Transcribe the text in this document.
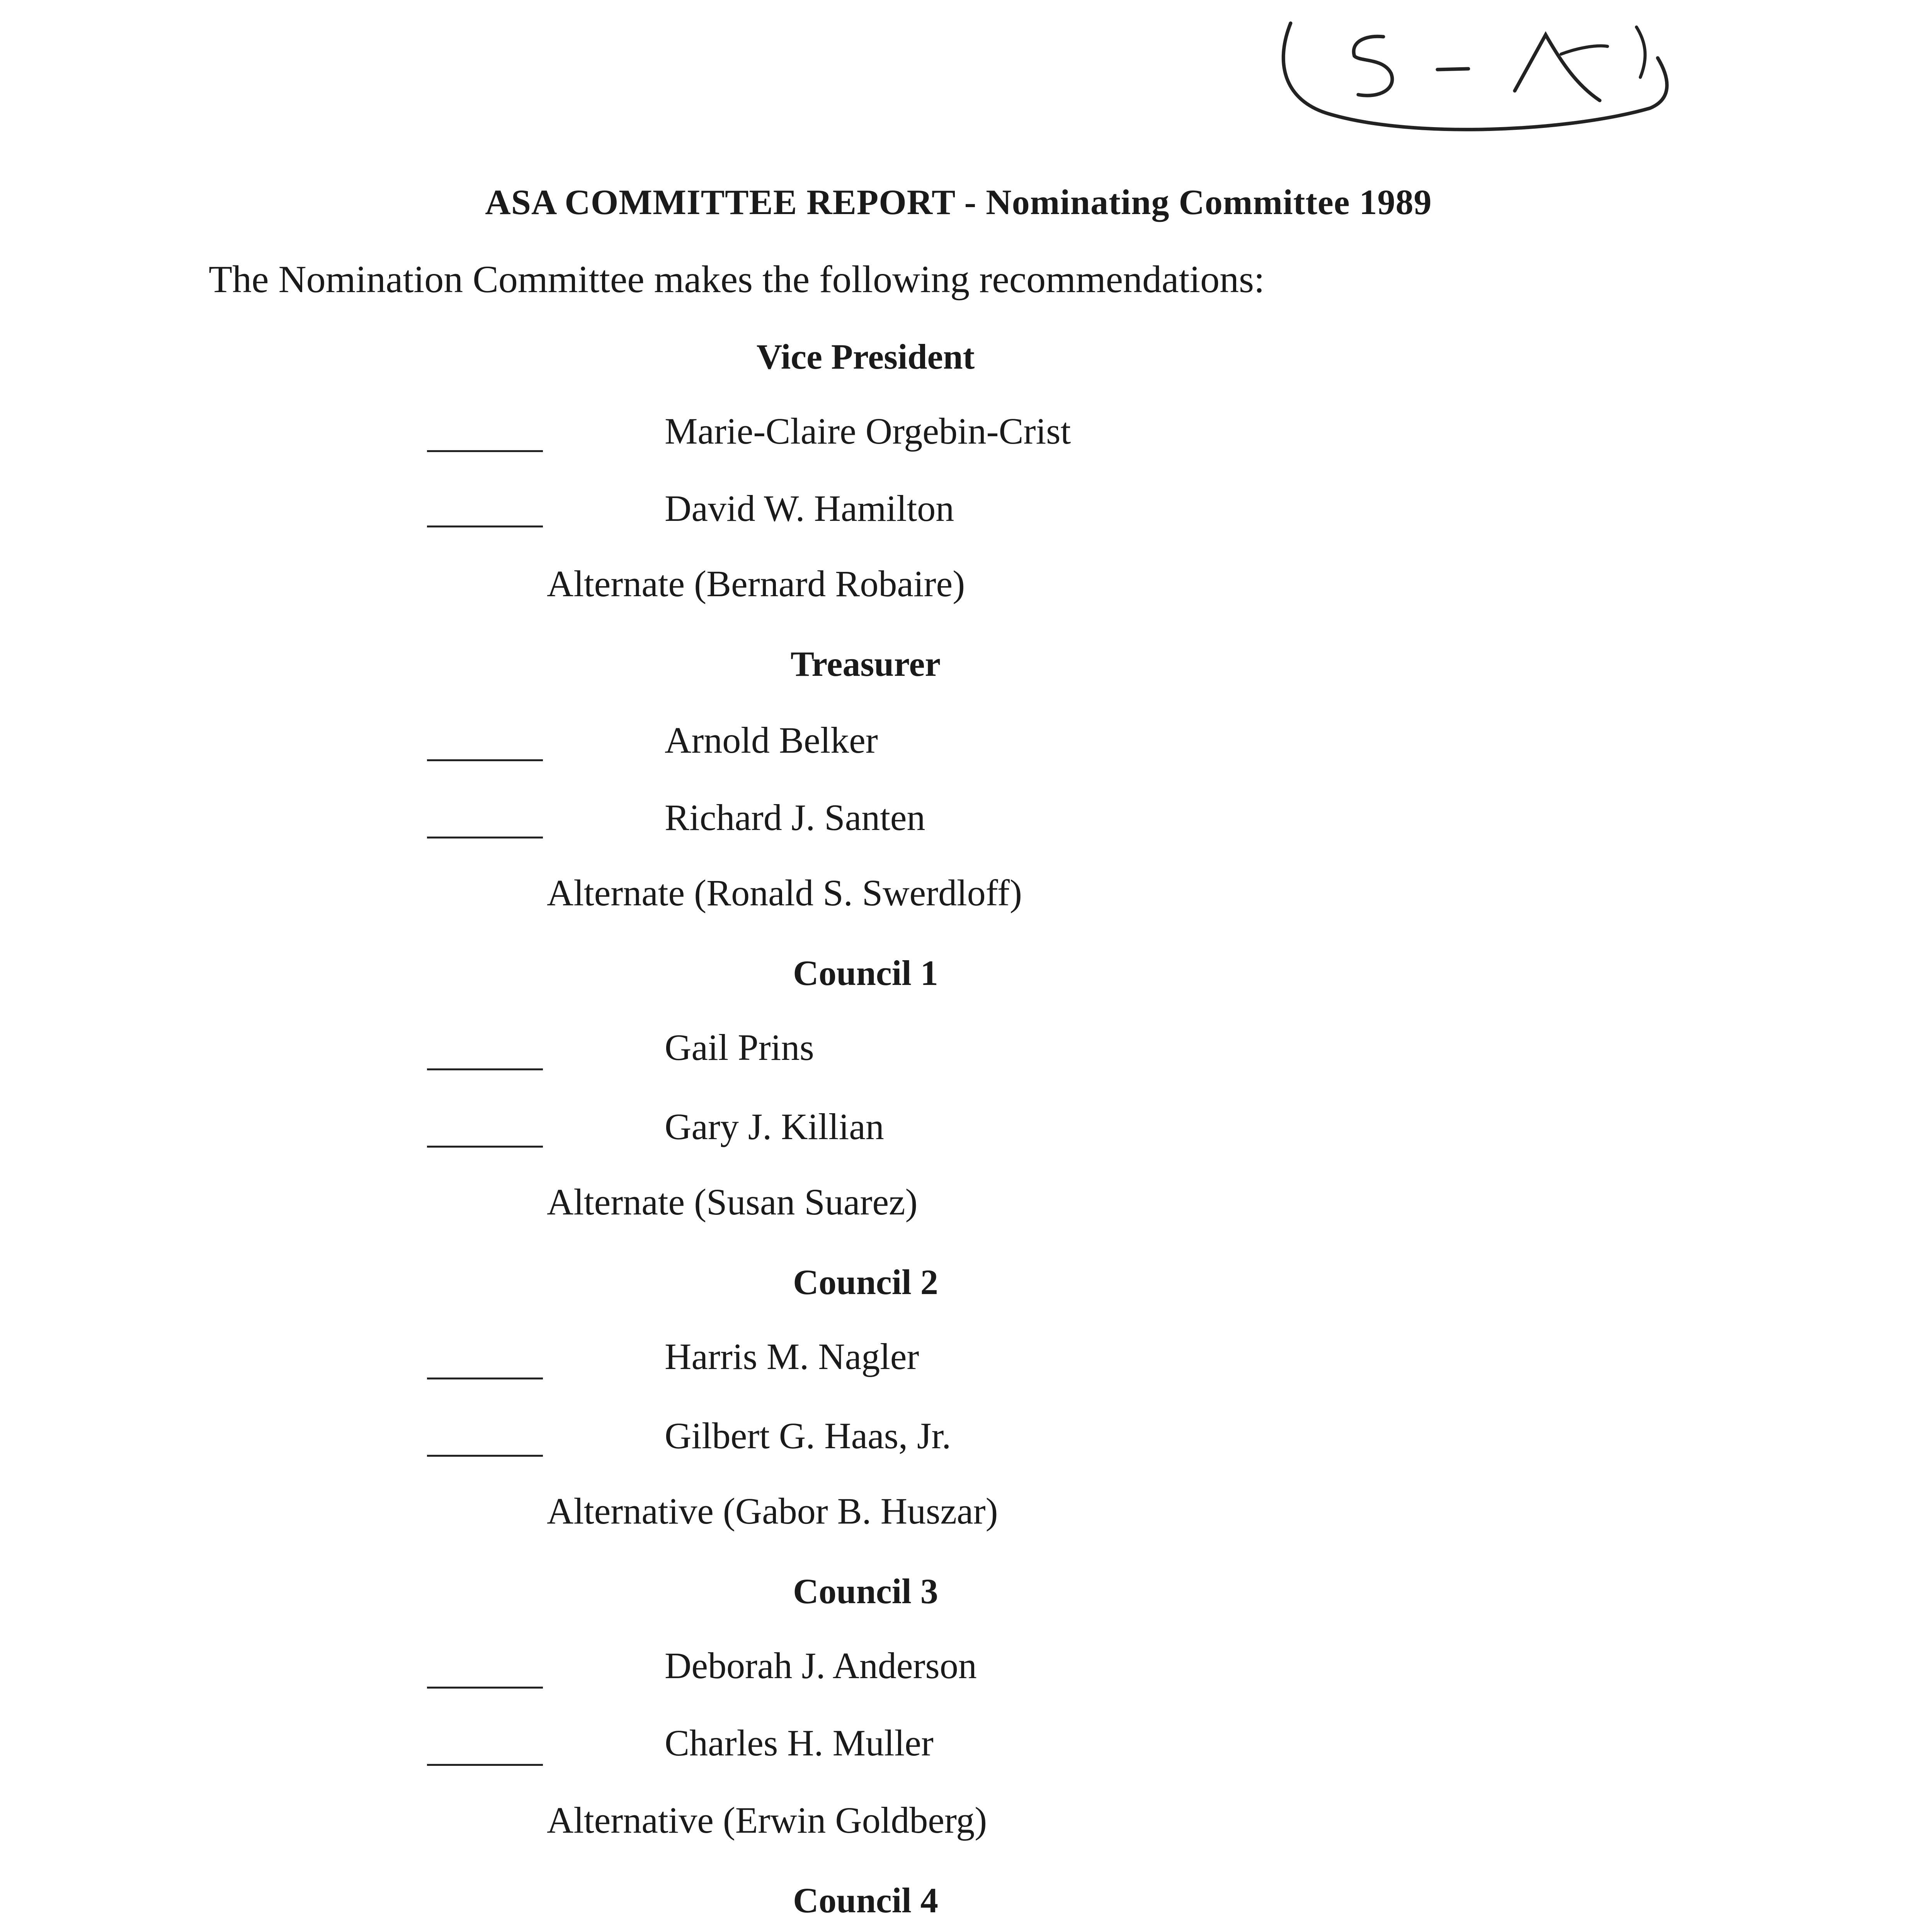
ASA COMMITTEE REPORT - Nominating Committee 1989
The Nomination Committee makes the following recommendations:
Vice President
Marie-Claire Orgebin-Crist
David W. Hamilton
Alternate (Bernard Robaire)
Treasurer
Arnold Belker
Richard J. Santen
Alternate (Ronald S. Swerdloff)
Council 1
Gail Prins
Gary J. Killian
Alternate (Susan Suarez)
Council 2
Harris M. Nagler
Gilbert G. Haas, Jr.
Alternative (Gabor B. Huszar)
Council 3
Deborah J. Anderson
Charles H. Muller
Alternative (Erwin Goldberg)
Council 4
